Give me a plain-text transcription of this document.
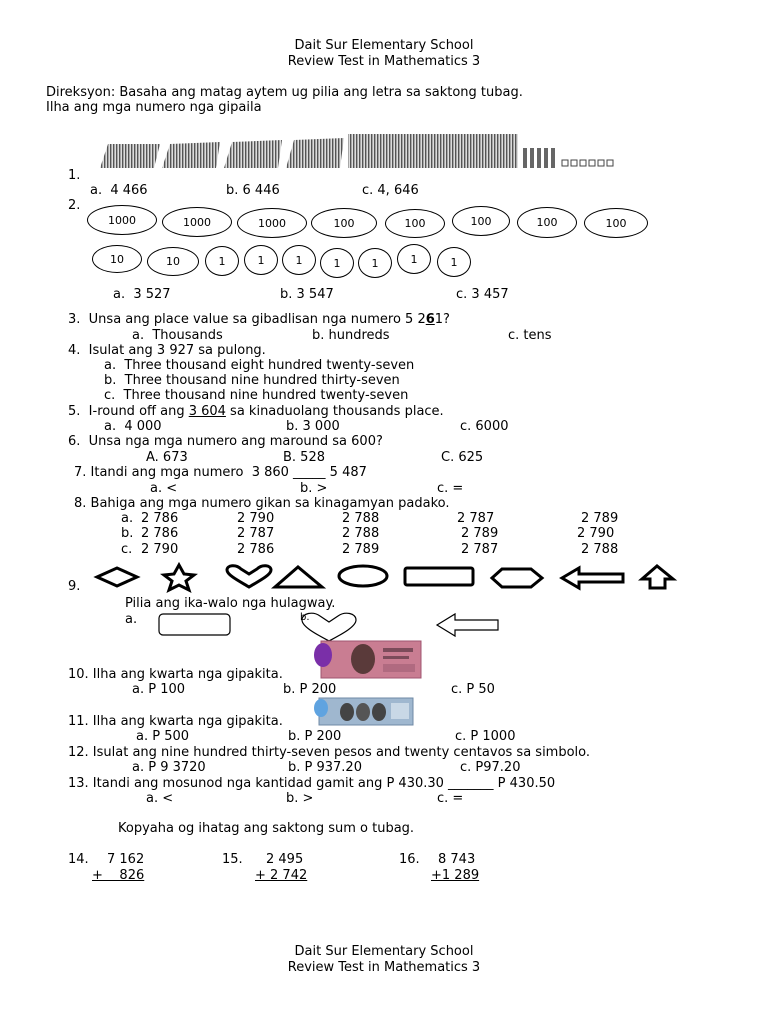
Dait Sur Elementary School
Review Test in Mathematics 3
Direksyon: Basaha ang matag aytem ug pilia ang letra sa saktong tubag.
Ilha ang mga numero nga gipaila
1.
a.  4 466	b. 6 446	c. 4, 646
2.
1000	1000	1000	100	100	100	100	100
10	10	1	1	1	1	1	1	1
a.  3 527	b. 3 547	c. 3 457
3.  Unsa ang place value sa gibadlisan nga numero 5 261?
a.  Thousands	b. hundreds	c. tens
4.  Isulat ang 3 927 sa pulong.
a.  Three thousand eight hundred twenty-seven
b.  Three thousand nine hundred thirty-seven
c.  Three thousand nine hundred twenty-seven
5.  I-round off ang 3 604 sa kinaduolang thousands place.
a.  4 000	b. 3 000	c. 6000
6.  Unsa nga mga numero ang maround sa 600?
A. 673	B. 528	C. 625
7. Itandi ang mga numero  3 860 _____ 5 487
a. <	b. >	c. =
8. Bahiga ang mga numero gikan sa kinagamyan padako.
a. 2 786	2 790	2 788	2 787	2 789
b. 2 786	2 787	2 788	2 789	2 790
c. 2 790	2 786	2 789	2 787	2 788
9.
Pilia ang ika-walo nga hulagway.
a.	b.
10. Ilha ang kwarta nga gipakita.
a. P 100	b. P 200	c. P 50
11. Ilha ang kwarta nga gipakita.
a. P 500	b. P 200	c. P 1000
12. Isulat ang nine hundred thirty-seven pesos and twenty centavos sa simbolo.
a. P 9 3720	b. P 937.20	c. P97.20
13. Itandi ang mosunod nga kantidad gamit ang P 430.30 _______ P 430.50
a. <	b. >	c. =
Kopyaha og ihatag ang saktong sum o tubag.
14. 7 162
+    826
15. 2 495
+ 2 742
16. 8 743
+1 289
Dait Sur Elementary School
Review Test in Mathematics 3
